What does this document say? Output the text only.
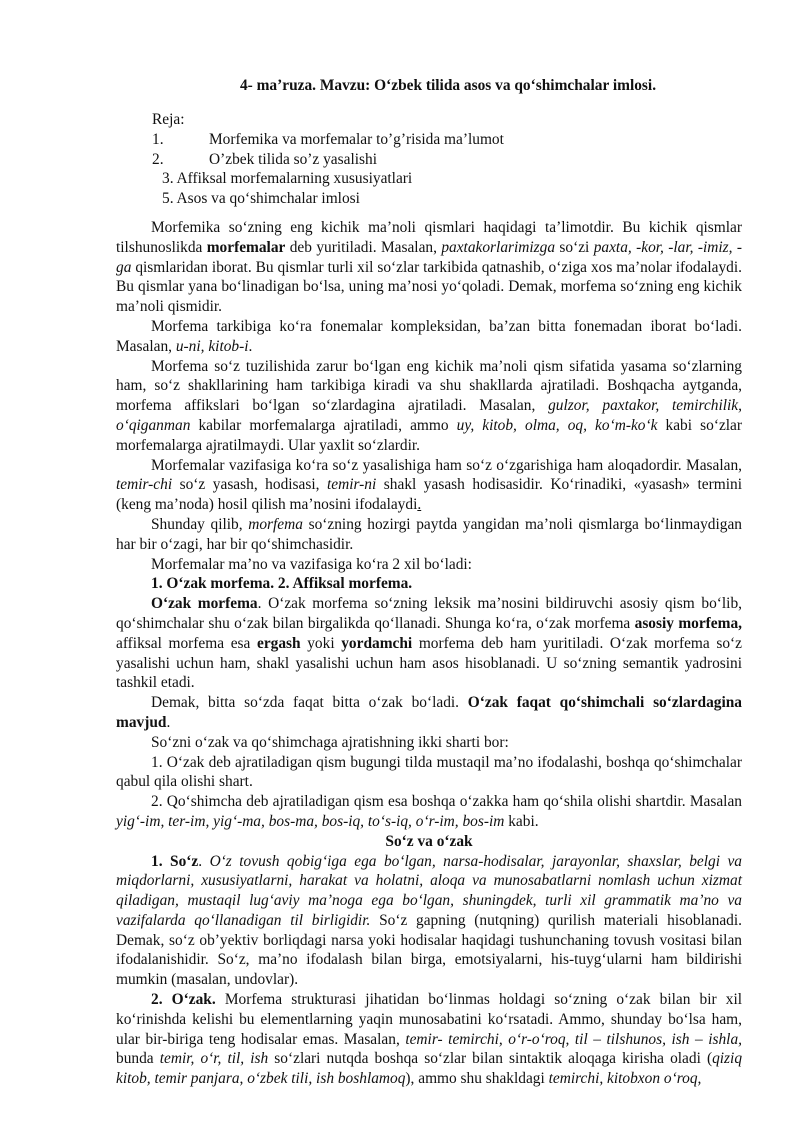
4- ma’ruza. Mavzu: O‘zbek tilida asos va qo‘shimchalar imlosi.
Reja:
1.	Morfemika va morfemalar to’g’risida ma’lumot
2.	O’zbek tilida so’z yasalishi
3. Affiksal morfemalarning xususiyatlari
5. Asos va qo‘shimchalar imlosi

Morfemika so‘zning eng kichik ma’noli qismlari haqidagi ta’limotdir. Bu kichik qismlar tilshunoslikda morfemalar deb yuritiladi. Masalan, paxtakorlarimizga so‘zi paxta, -kor, -lar, -imiz, -ga qismlaridan iborat. Bu qismlar turli xil so‘zlar tarkibida qatnashib, o‘ziga xos ma’nolar ifodalaydi. Bu qismlar yana bo‘linadigan bo‘lsa, uning ma’nosi yo‘qoladi. Demak, morfema so‘zning eng kichik ma’noli qismidir.

Morfema tarkibiga ko‘ra fonemalar kompleksidan, ba’zan bitta fonemadan iborat bo‘ladi. Masalan, u-ni, kitob-i.

Morfema so‘z tuzilishida zarur bo‘lgan eng kichik ma’noli qism sifatida yasama so‘zlarning ham, so‘z shakllarining ham tarkibiga kiradi va shu shakllarda ajratiladi. Boshqacha aytganda, morfema affikslari bo‘lgan so‘zlardagina ajratiladi. Masalan, gulzor, paxtakor, temirchilik, o‘qiganman kabilar morfemalarga ajratiladi, ammo uy, kitob, olma, oq, ko‘m-ko‘k kabi so‘zlar morfemalarga ajratilmaydi. Ular yaxlit so‘zlardir.

Morfemalar vazifasiga ko‘ra so‘z yasalishiga ham so‘z o‘zgarishiga ham aloqadordir. Masalan, temir-chi so‘z yasash, hodisasi, temir-ni shakl yasash hodisasidir. Ko‘rinadiki, «yasash» termini (keng ma’noda) hosil qilish ma’nosini ifodalaydi.

Shunday qilib, morfema so‘zning hozirgi paytda yangidan ma’noli qismlarga bo‘linmaydigan har bir o‘zagi, har bir qo‘shimchasidir.

Morfemalar ma’no va vazifasiga ko‘ra 2 xil bo‘ladi:

1. O‘zak morfema. 2. Affiksal morfema.

O‘zak morfema. O‘zak morfema so‘zning leksik ma’nosini bildiruvchi asosiy qism bo‘lib, qo‘shimchalar shu o‘zak bilan birgalikda qo‘llanadi. Shunga ko‘ra, o‘zak morfema asosiy morfema, affiksal morfema esa ergash yoki yordamchi morfema deb ham yuritiladi. O‘zak morfema so‘z yasalishi uchun ham, shakl yasalishi uchun ham asos hisoblanadi. U so‘zning semantik yadrosini tashkil etadi.

Demak, bitta so‘zda faqat bitta o‘zak bo‘ladi. O‘zak faqat qo‘shimchali so‘zlardagina mavjud.

So‘zni o‘zak va qo‘shimchaga ajratishning ikki sharti bor:

1. O‘zak deb ajratiladigan qism bugungi tilda mustaqil ma’no ifodalashi, boshqa qo‘shimchalar qabul qila olishi shart.

2. Qo‘shimcha deb ajratiladigan qism esa boshqa o‘zakka ham qo‘shila olishi shartdir. Masalan yig‘-im, ter-im, yig‘-ma, bos-ma, bos-iq, to‘s-iq, o‘r-im, bos-im kabi.

So‘z va o‘zak

1. So‘z. O‘z tovush qobig‘iga ega bo‘lgan, narsa-hodisalar, jarayonlar, shaxslar, belgi va miqdorlarni, xususiyatlarni, harakat va holatni, aloqa va munosabatlarni nomlash uchun xizmat qiladigan, mustaqil lug‘aviy ma’noga ega bo‘lgan, shuningdek, turli xil grammatik ma’no va vazifalarda qo‘llanadigan til birligidir. So‘z gapning (nutqning) qurilish materiali hisoblanadi. Demak, so‘z ob’yektiv borliqdagi narsa yoki hodisalar haqidagi tushunchaning tovush vositasi bilan ifodalanishidir. So‘z, ma’no ifodalash bilan birga, emotsiyalarni, his-tuyg‘ularni ham bildirishi mumkin (masalan, undovlar).

2. O‘zak. Morfema strukturasi jihatidan bo‘linmas holdagi so‘zning o‘zak bilan bir xil ko‘rinishda kelishi bu elementlarning yaqin munosabatini ko‘rsatadi. Ammo, shunday bo‘lsa ham, ular bir-biriga teng hodisalar emas. Masalan, temir- temirchi, o‘r-o‘roq, til – tilshunos, ish – ishla, bunda temir, o‘r, til, ish so‘zlari nutqda boshqa so‘zlar bilan sintaktik aloqaga kirisha oladi (qiziq kitob, temir panjara, o‘zbek tili, ish boshlamoq), ammo shu shakldagi temirchi, kitobxon o‘roq,
